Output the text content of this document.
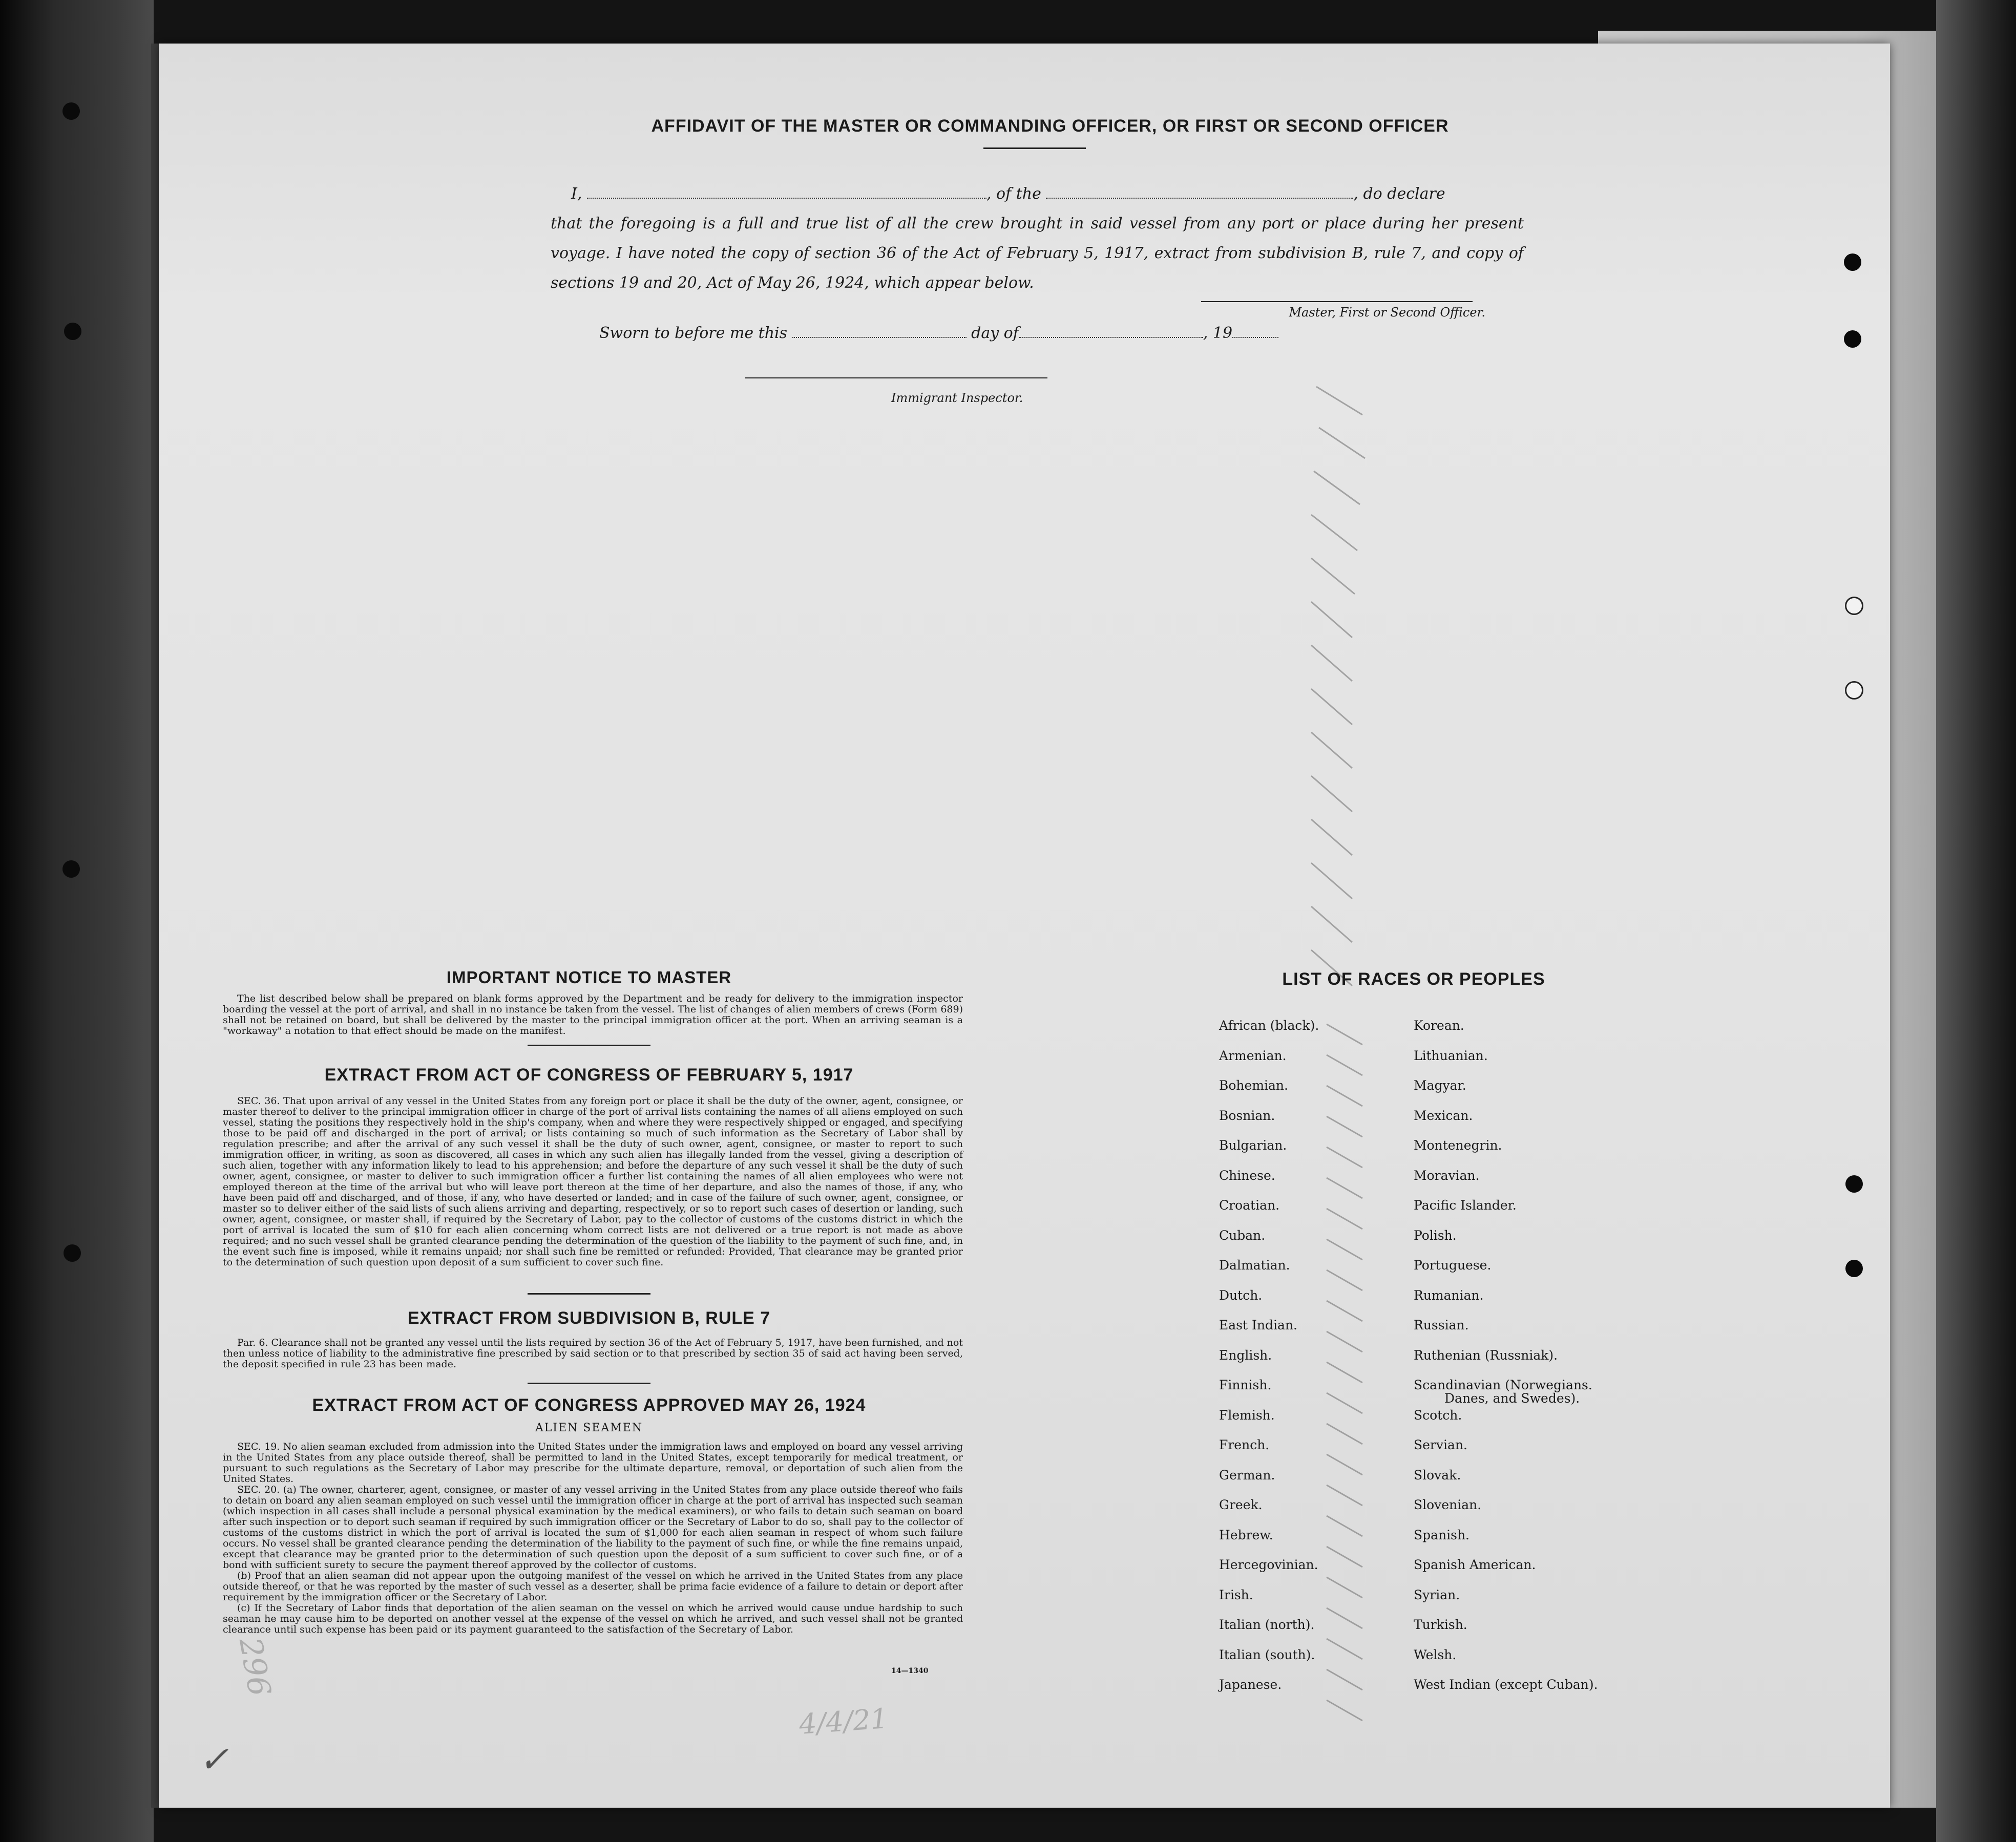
AFFIDAVIT OF THE MASTER OR COMMANDING OFFICER, OR FIRST OR SECOND OFFICER
I,	, of the	, do declare
that the foregoing is a full and true list of all the crew brought in said vessel from any port or place during her present voyage. I have noted the copy of section 36 of the Act of February 5, 1917, extract from subdivision B, rule 7, and copy of sections 19 and 20, Act of May 26, 1924, which appear below.
Master, First or Second Officer.
Sworn to before me this	day of	, 19
Immigrant Inspector.
IMPORTANT NOTICE TO MASTER
The list described below shall be prepared on blank forms approved by the Department and be ready for delivery to the immigration inspector boarding the vessel at the port of arrival, and shall in no instance be taken from the vessel. The list of changes of alien members of crews (Form 689) shall not be retained on board, but shall be delivered by the master to the principal immigration officer at the port. When an arriving seaman is a "workaway" a notation to that effect should be made on the manifest.
EXTRACT FROM ACT OF CONGRESS OF FEBRUARY 5, 1917
SEC. 36. That upon arrival of any vessel in the United States from any foreign port or place it shall be the duty of the owner, agent, consignee, or master thereof to deliver to the principal immigration officer in charge of the port of arrival lists containing the names of all aliens employed on such vessel, stating the positions they respectively hold in the ship's company, when and where they were respectively shipped or engaged, and specifying those to be paid off and discharged in the port of arrival; or lists containing so much of such information as the Secretary of Labor shall by regulation prescribe; and after the arrival of any such vessel it shall be the duty of such owner, agent, consignee, or master to report to such immigration officer, in writing, as soon as discovered, all cases in which any such alien has illegally landed from the vessel, giving a description of such alien, together with any information likely to lead to his apprehension; and before the departure of any such vessel it shall be the duty of such owner, agent, consignee, or master to deliver to such immigration officer a further list containing the names of all alien employees who were not employed thereon at the time of the arrival but who will leave port thereon at the time of her departure, and also the names of those, if any, who have been paid off and discharged, and of those, if any, who have deserted or landed; and in case of the failure of such owner, agent, consignee, or master so to deliver either of the said lists of such aliens arriving and departing, respectively, or so to report such cases of desertion or landing, such owner, agent, consignee, or master shall, if required by the Secretary of Labor, pay to the collector of customs of the customs district in which the port of arrival is located the sum of $10 for each alien concerning whom correct lists are not delivered or a true report is not made as above required; and no such vessel shall be granted clearance pending the determination of the question of the liability to the payment of such fine, and, in the event such fine is imposed, while it remains unpaid; nor shall such fine be remitted or refunded: Provided, That clearance may be granted prior to the determination of such question upon deposit of a sum sufficient to cover such fine.
EXTRACT FROM SUBDIVISION B, RULE 7
Par. 6. Clearance shall not be granted any vessel until the lists required by section 36 of the Act of February 5, 1917, have been furnished, and not then unless notice of liability to the administrative fine prescribed by said section or to that prescribed by section 35 of said act having been served, the deposit specified in rule 23 has been made.
EXTRACT FROM ACT OF CONGRESS APPROVED MAY 26, 1924
ALIEN SEAMEN
SEC. 19. No alien seaman excluded from admission into the United States under the immigration laws and employed on board any vessel arriving in the United States from any place outside thereof, shall be permitted to land in the United States, except temporarily for medical treatment, or pursuant to such regulations as the Secretary of Labor may prescribe for the ultimate departure, removal, or deportation of such alien from the United States.
SEC. 20. (a) The owner, charterer, agent, consignee, or master of any vessel arriving in the United States from any place outside thereof who fails to detain on board any alien seaman employed on such vessel until the immigration officer in charge at the port of arrival has inspected such seaman (which inspection in all cases shall include a personal physical examination by the medical examiners), or who fails to detain such seaman on board after such inspection or to deport such seaman if required by such immigration officer or the Secretary of Labor to do so, shall pay to the collector of customs of the customs district in which the port of arrival is located the sum of $1,000 for each alien seaman in respect of whom such failure occurs. No vessel shall be granted clearance pending the determination of the liability to the payment of such fine, or while the fine remains unpaid, except that clearance may be granted prior to the determination of such question upon the deposit of a sum sufficient to cover such fine, or of a bond with sufficient surety to secure the payment thereof approved by the collector of customs.
(b) Proof that an alien seaman did not appear upon the outgoing manifest of the vessel on which he arrived in the United States from any place outside thereof, or that he was reported by the master of such vessel as a deserter, shall be prima facie evidence of a failure to detain or deport after requirement by the immigration officer or the Secretary of Labor.
(c) If the Secretary of Labor finds that deportation of the alien seaman on the vessel on which he arrived would cause undue hardship to such seaman he may cause him to be deported on another vessel at the expense of the vessel on which he arrived, and such vessel shall not be granted clearance until such expense has been paid or its payment guaranteed to the satisfaction of the Secretary of Labor.
14—1340
LIST OF RACES OR PEOPLES
African (black).
Armenian.
Bohemian.
Bosnian.
Bulgarian.
Chinese.
Croatian.
Cuban.
Dalmatian.
Dutch.
East Indian.
English.
Finnish.
Flemish.
French.
German.
Greek.
Hebrew.
Hercegovinian.
Irish.
Italian (north).
Italian (south).
Japanese.
Korean.
Lithuanian.
Magyar.
Mexican.
Montenegrin.
Moravian.
Pacific Islander.
Polish.
Portuguese.
Rumanian.
Russian.
Ruthenian (Russniak).
Scandinavian (Norwegians.
Danes, and Swedes).
Scotch.
Servian.
Slovak.
Slovenian.
Spanish.
Spanish American.
Syrian.
Turkish.
Welsh.
West Indian (except Cuban).
4/4/21
296
✓
